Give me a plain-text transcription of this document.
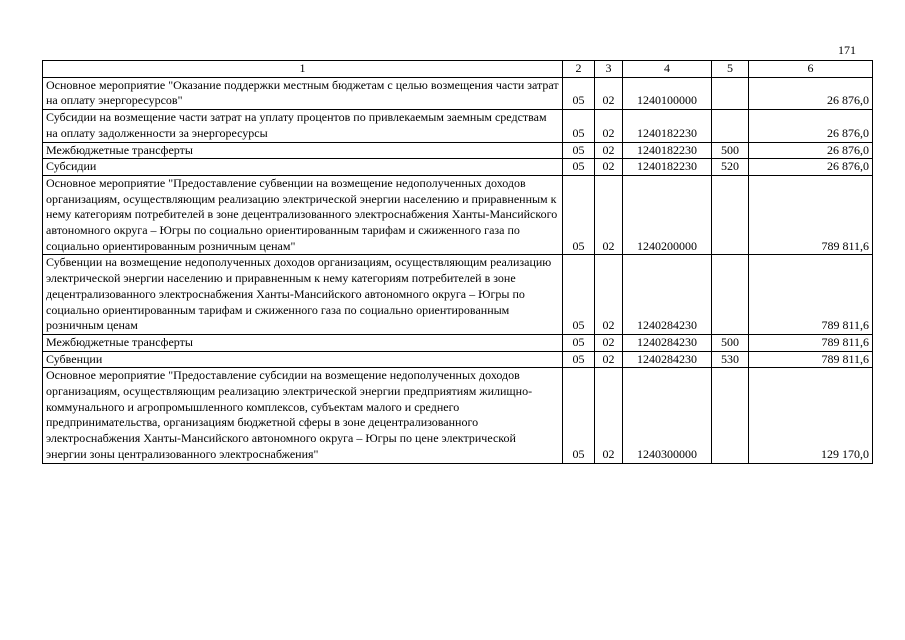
171
1	2	3	4	5	6
Основное мероприятие "Оказание поддержки местным бюджетам с целью возмещения части затрат на оплату энергоресурсов"	05	02	1240100000		26 876,0
Субсидии на возмещение части затрат на уплату процентов по привлекаемым заемным средствам на оплату задолженности за энергоресурсы	05	02	1240182230		26 876,0
Межбюджетные трансферты	05	02	1240182230	500	26 876,0
Субсидии	05	02	1240182230	520	26 876,0
Основное мероприятие "Предоставление субвенции на возмещение недополученных доходов организациям, осуществляющим реализацию электрической энергии населению и приравненным к нему категориям потребителей в зоне децентрализованного электроснабжения Ханты-Мансийского автономного округа – Югры по социально ориентированным тарифам и сжиженного газа по социально ориентированным розничным ценам"	05	02	1240200000		789 811,6
Субвенции на возмещение недополученных доходов организациям, осуществляющим реализацию электрической энергии населению и приравненным к нему категориям потребителей в зоне децентрализованного электроснабжения Ханты-Мансийского автономного округа – Югры по социально ориентированным тарифам и сжиженного газа по социально ориентированным розничным ценам	05	02	1240284230		789 811,6
Межбюджетные трансферты	05	02	1240284230	500	789 811,6
Субвенции	05	02	1240284230	530	789 811,6
Основное мероприятие "Предоставление субсидии на возмещение недополученных доходов организациям, осуществляющим реализацию электрической энергии предприятиям жилищно-коммунального и агропромышленного комплексов, субъектам малого и среднего предпринимательства, организациям бюджетной сферы в зоне децентрализованного электроснабжения Ханты-Мансийского автономного округа – Югры по цене электрической энергии зоны централизованного электроснабжения"	05	02	1240300000		129 170,0
